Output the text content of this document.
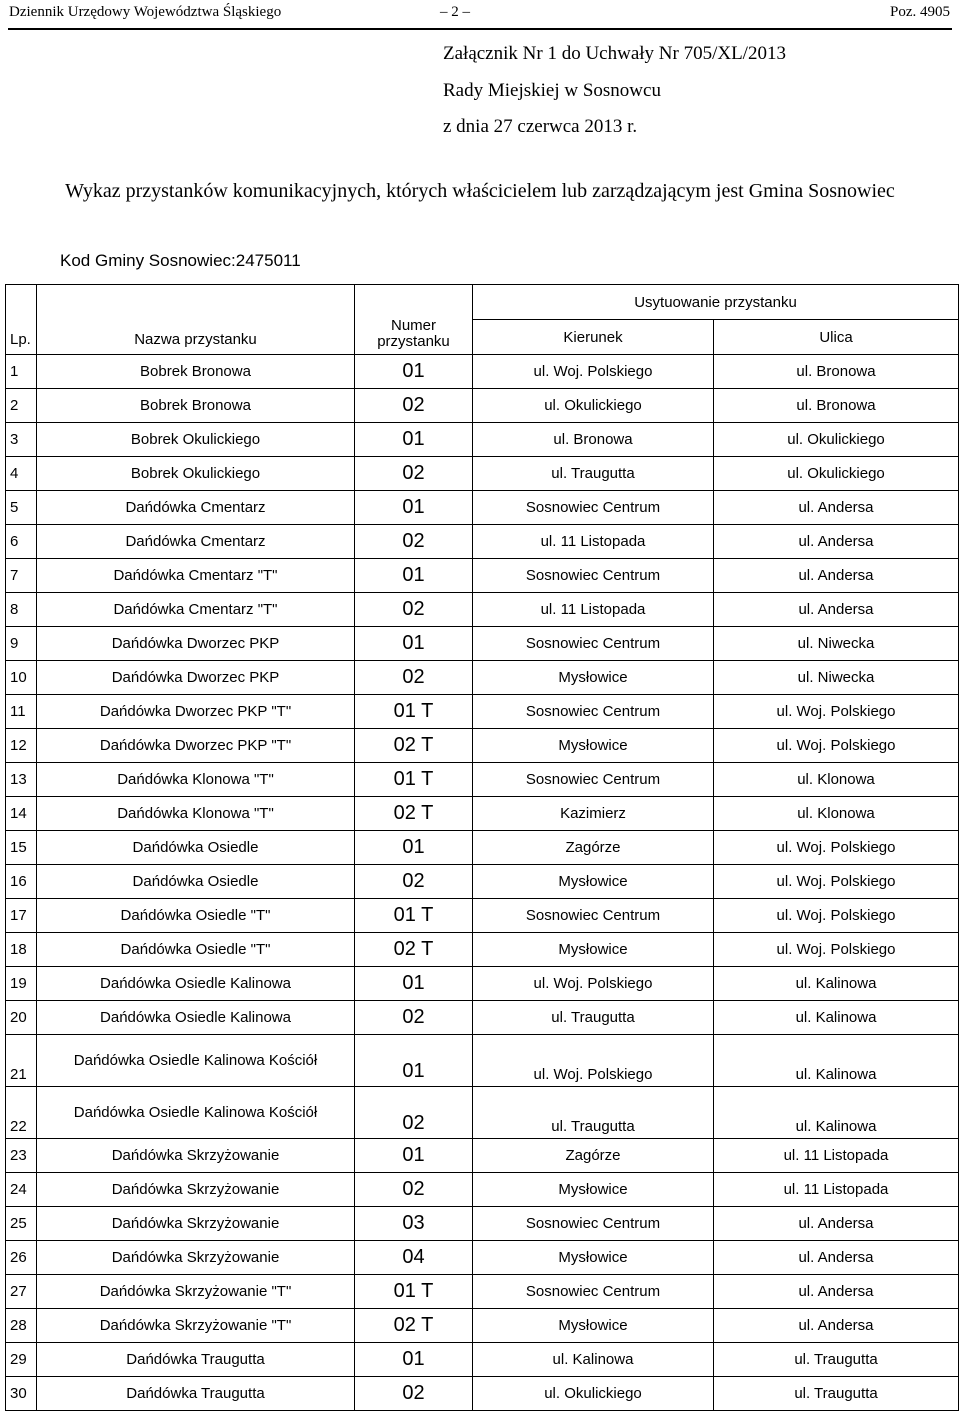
Dziennik Urzędowy Województwa Śląskiego	– 2 –	Poz. 4905
Załącznik Nr 1 do Uchwały Nr 705/XL/2013
Rady Miejskiej w Sosnowcu
z dnia 27 czerwca 2013 r.
Wykaz przystanków komunikacyjnych, których właścicielem lub zarządzającym jest Gmina Sosnowiec
Kod Gminy Sosnowiec:2475011
Lp.	Nazwa przystanku	Numer przystanku	Usytuowanie przystanku	
			Kierunek	Ulica
1	Bobrek Bronowa	01	ul. Woj. Polskiego	ul. Bronowa
2	Bobrek Bronowa	02	ul. Okulickiego	ul. Bronowa
3	Bobrek Okulickiego	01	ul. Bronowa	ul. Okulickiego
4	Bobrek Okulickiego	02	ul. Traugutta	ul. Okulickiego
5	Dańdówka Cmentarz	01	Sosnowiec Centrum	ul. Andersa
6	Dańdówka Cmentarz	02	ul. 11 Listopada	ul. Andersa
7	Dańdówka Cmentarz "T"	01	Sosnowiec Centrum	ul. Andersa
8	Dańdówka Cmentarz "T"	02	ul. 11 Listopada	ul. Andersa
9	Dańdówka Dworzec PKP	01	Sosnowiec Centrum	ul. Niwecka
10	Dańdówka Dworzec PKP	02	Mysłowice	ul. Niwecka
11	Dańdówka Dworzec PKP "T"	01 T	Sosnowiec Centrum	ul. Woj. Polskiego
12	Dańdówka Dworzec PKP "T"	02 T	Mysłowice	ul. Woj. Polskiego
13	Dańdówka Klonowa "T"	01 T	Sosnowiec Centrum	ul. Klonowa
14	Dańdówka Klonowa "T"	02 T	Kazimierz	ul. Klonowa
15	Dańdówka Osiedle	01	Zagórze	ul. Woj. Polskiego
16	Dańdówka Osiedle	02	Mysłowice	ul. Woj. Polskiego
17	Dańdówka Osiedle "T"	01 T	Sosnowiec Centrum	ul. Woj. Polskiego
18	Dańdówka Osiedle "T"	02 T	Mysłowice	ul. Woj. Polskiego
19	Dańdówka Osiedle Kalinowa	01	ul. Woj. Polskiego	ul. Kalinowa
20	Dańdówka Osiedle Kalinowa	02	ul. Traugutta	ul. Kalinowa
21	Dańdówka Osiedle Kalinowa Kościół	01	ul. Woj. Polskiego	ul. Kalinowa
22	Dańdówka Osiedle Kalinowa Kościół	02	ul. Traugutta	ul. Kalinowa
23	Dańdówka Skrzyżowanie	01	Zagórze	ul. 11 Listopada
24	Dańdówka Skrzyżowanie	02	Mysłowice	ul. 11 Listopada
25	Dańdówka Skrzyżowanie	03	Sosnowiec Centrum	ul. Andersa
26	Dańdówka Skrzyżowanie	04	Mysłowice	ul. Andersa
27	Dańdówka Skrzyżowanie "T"	01 T	Sosnowiec Centrum	ul. Andersa
28	Dańdówka Skrzyżowanie "T"	02 T	Mysłowice	ul. Andersa
29	Dańdówka Traugutta	01	ul. Kalinowa	ul. Traugutta
30	Dańdówka Traugutta	02	ul. Okulickiego	ul. Traugutta
